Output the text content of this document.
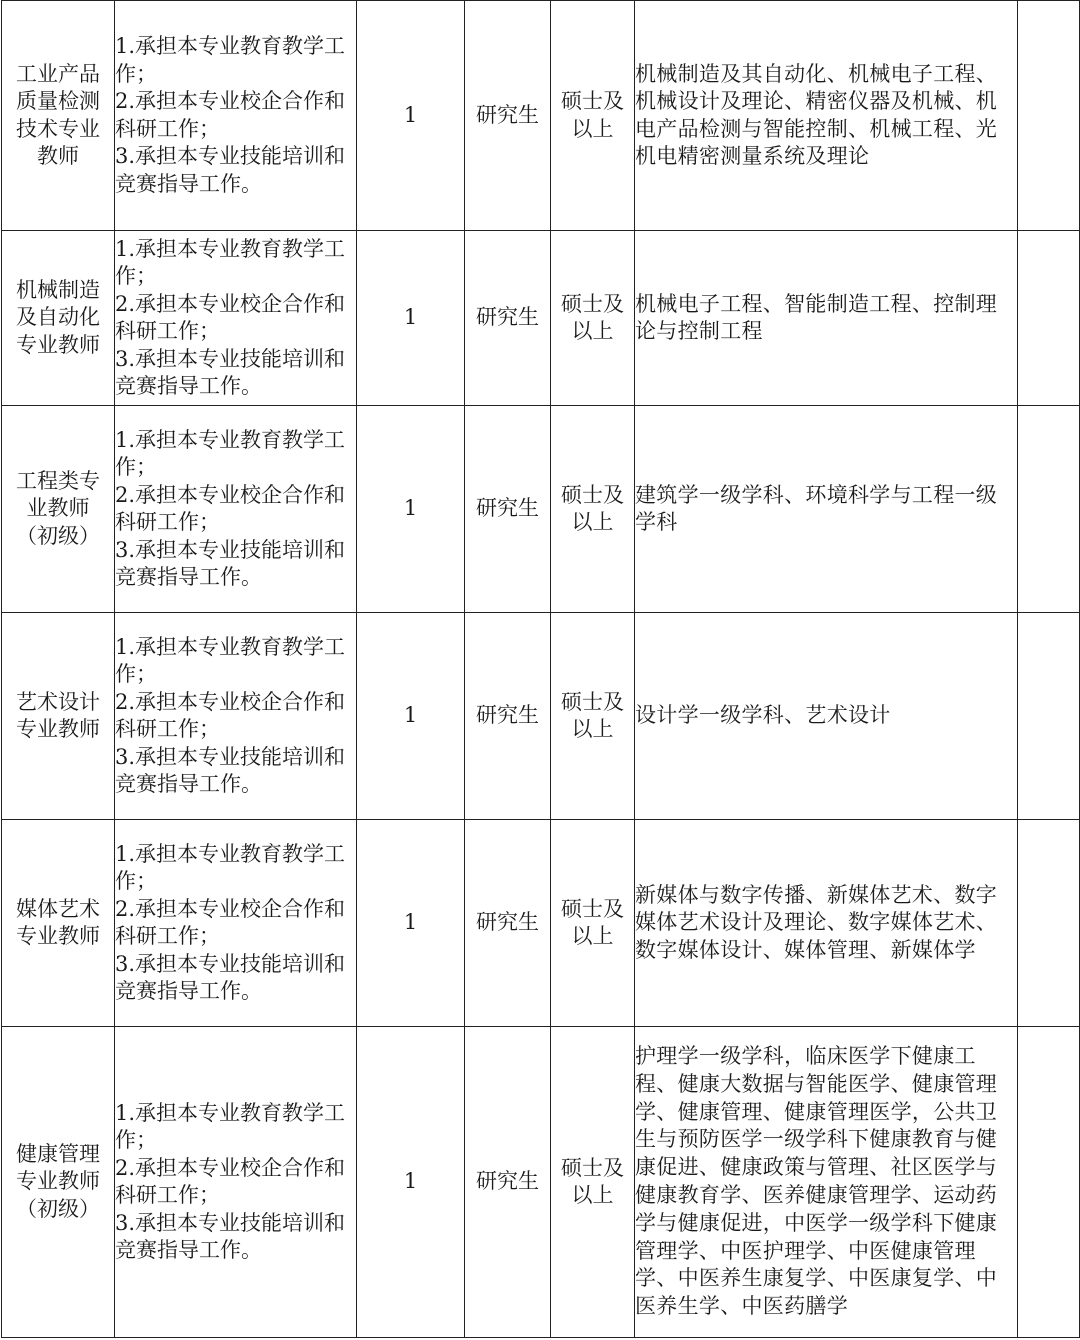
工业产品
质量检测
技术专业
教师	1.承担本专业教育教学工作；
2.承担本专业校企合作和科研工作；
3.承担本专业技能培训和竞赛指导工作。	1	研究生	硕士及
以上	机械制造及其自动化、机械电子工程、机械设计及理论、精密仪器及机械、机电产品检测与智能控制、机械工程、光机电精密测量系统及理论	

机械制造
及自动化
专业教师	1.承担本专业教育教学工作；
2.承担本专业校企合作和科研工作；
3.承担本专业技能培训和竞赛指导工作。	1	研究生	硕士及
以上	机械电子工程、智能制造工程、控制理论与控制工程	

工程类专
业教师
（初级）	1.承担本专业教育教学工作；
2.承担本专业校企合作和科研工作；
3.承担本专业技能培训和竞赛指导工作。	1	研究生	硕士及
以上	建筑学一级学科、环境科学与工程一级学科	

艺术设计
专业教师	1.承担本专业教育教学工作；
2.承担本专业校企合作和科研工作；
3.承担本专业技能培训和竞赛指导工作。	1	研究生	硕士及
以上	设计学一级学科、艺术设计	

媒体艺术
专业教师	1.承担本专业教育教学工作；
2.承担本专业校企合作和科研工作；
3.承担本专业技能培训和竞赛指导工作。	1	研究生	硕士及
以上	新媒体与数字传播、新媒体艺术、数字媒体艺术设计及理论、数字媒体艺术、数字媒体设计、媒体管理、新媒体学	

健康管理
专业教师
（初级）	1.承担本专业教育教学工作；
2.承担本专业校企合作和科研工作；
3.承担本专业技能培训和竞赛指导工作。	1	研究生	硕士及
以上	护理学一级学科，临床医学下健康工程、健康大数据与智能医学、健康管理学、健康管理、健康管理医学，公共卫生与预防医学一级学科下健康教育与健康促进、健康政策与管理、社区医学与健康教育学、医养健康管理学、运动药学与健康促进，中医学一级学科下健康管理学、中医护理学、中医健康管理学、中医养生康复学、中医康复学、中医养生学、中医药膳学	
